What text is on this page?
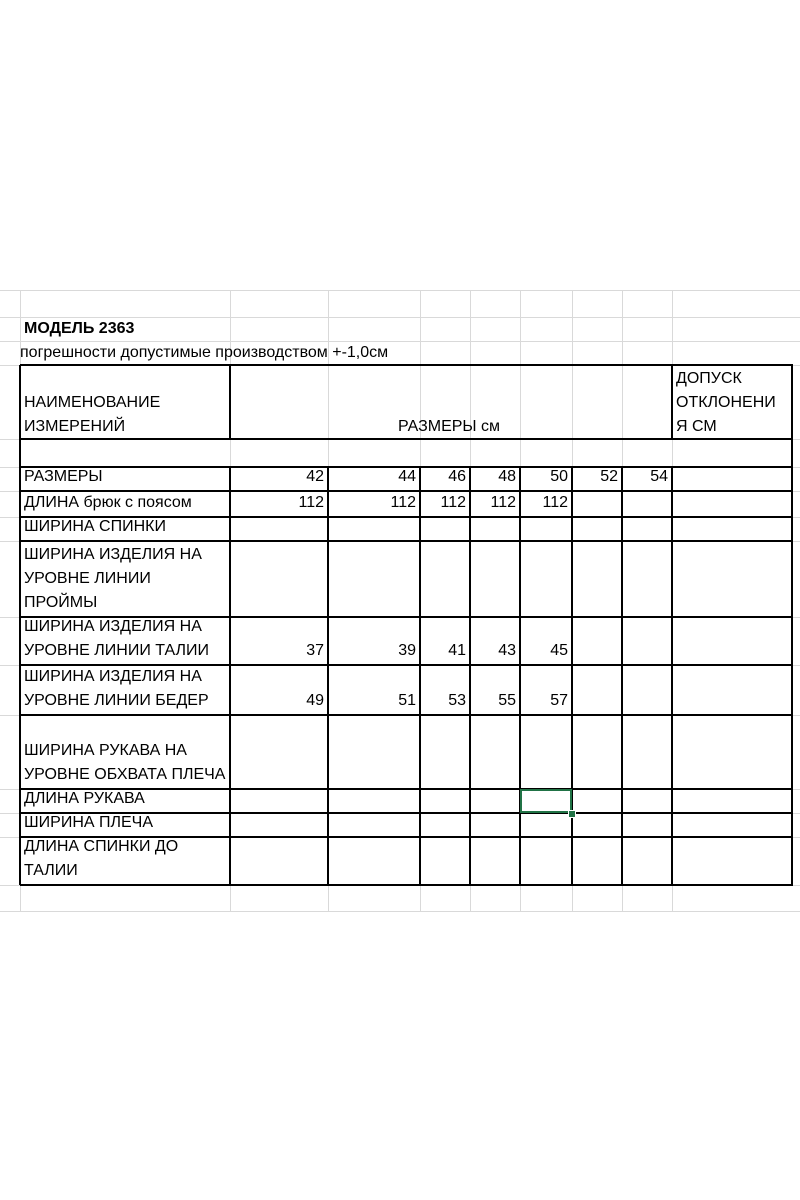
МОДЕЛЬ 2363
погрешности допустимые производством +-1,0см
НАИМЕНОВАНИЕ
ИЗМЕРЕНИЙ	РАЗМЕРЫ см
ДОПУСК
ОТКЛОНЕНИ
Я СМ
РАЗМЕРЫ	42	44	46	48	50	52	54
ДЛИНА брюк с поясом	112	112	112	112	112
ШИРИНА СПИНКИ
ШИРИНА ИЗДЕЛИЯ НА
УРОВНЕ ЛИНИИ
ПРОЙМЫ
ШИРИНА ИЗДЕЛИЯ НА
УРОВНЕ ЛИНИИ ТАЛИИ	37	39	41	43	45
ШИРИНА ИЗДЕЛИЯ НА
УРОВНЕ ЛИНИИ БЕДЕР	49	51	53	55	57
ШИРИНА РУКАВА НА
УРОВНЕ ОБХВАТА ПЛЕЧА
ДЛИНА РУКАВА
ШИРИНА ПЛЕЧА
ДЛИНА СПИНКИ ДО
ТАЛИИ
